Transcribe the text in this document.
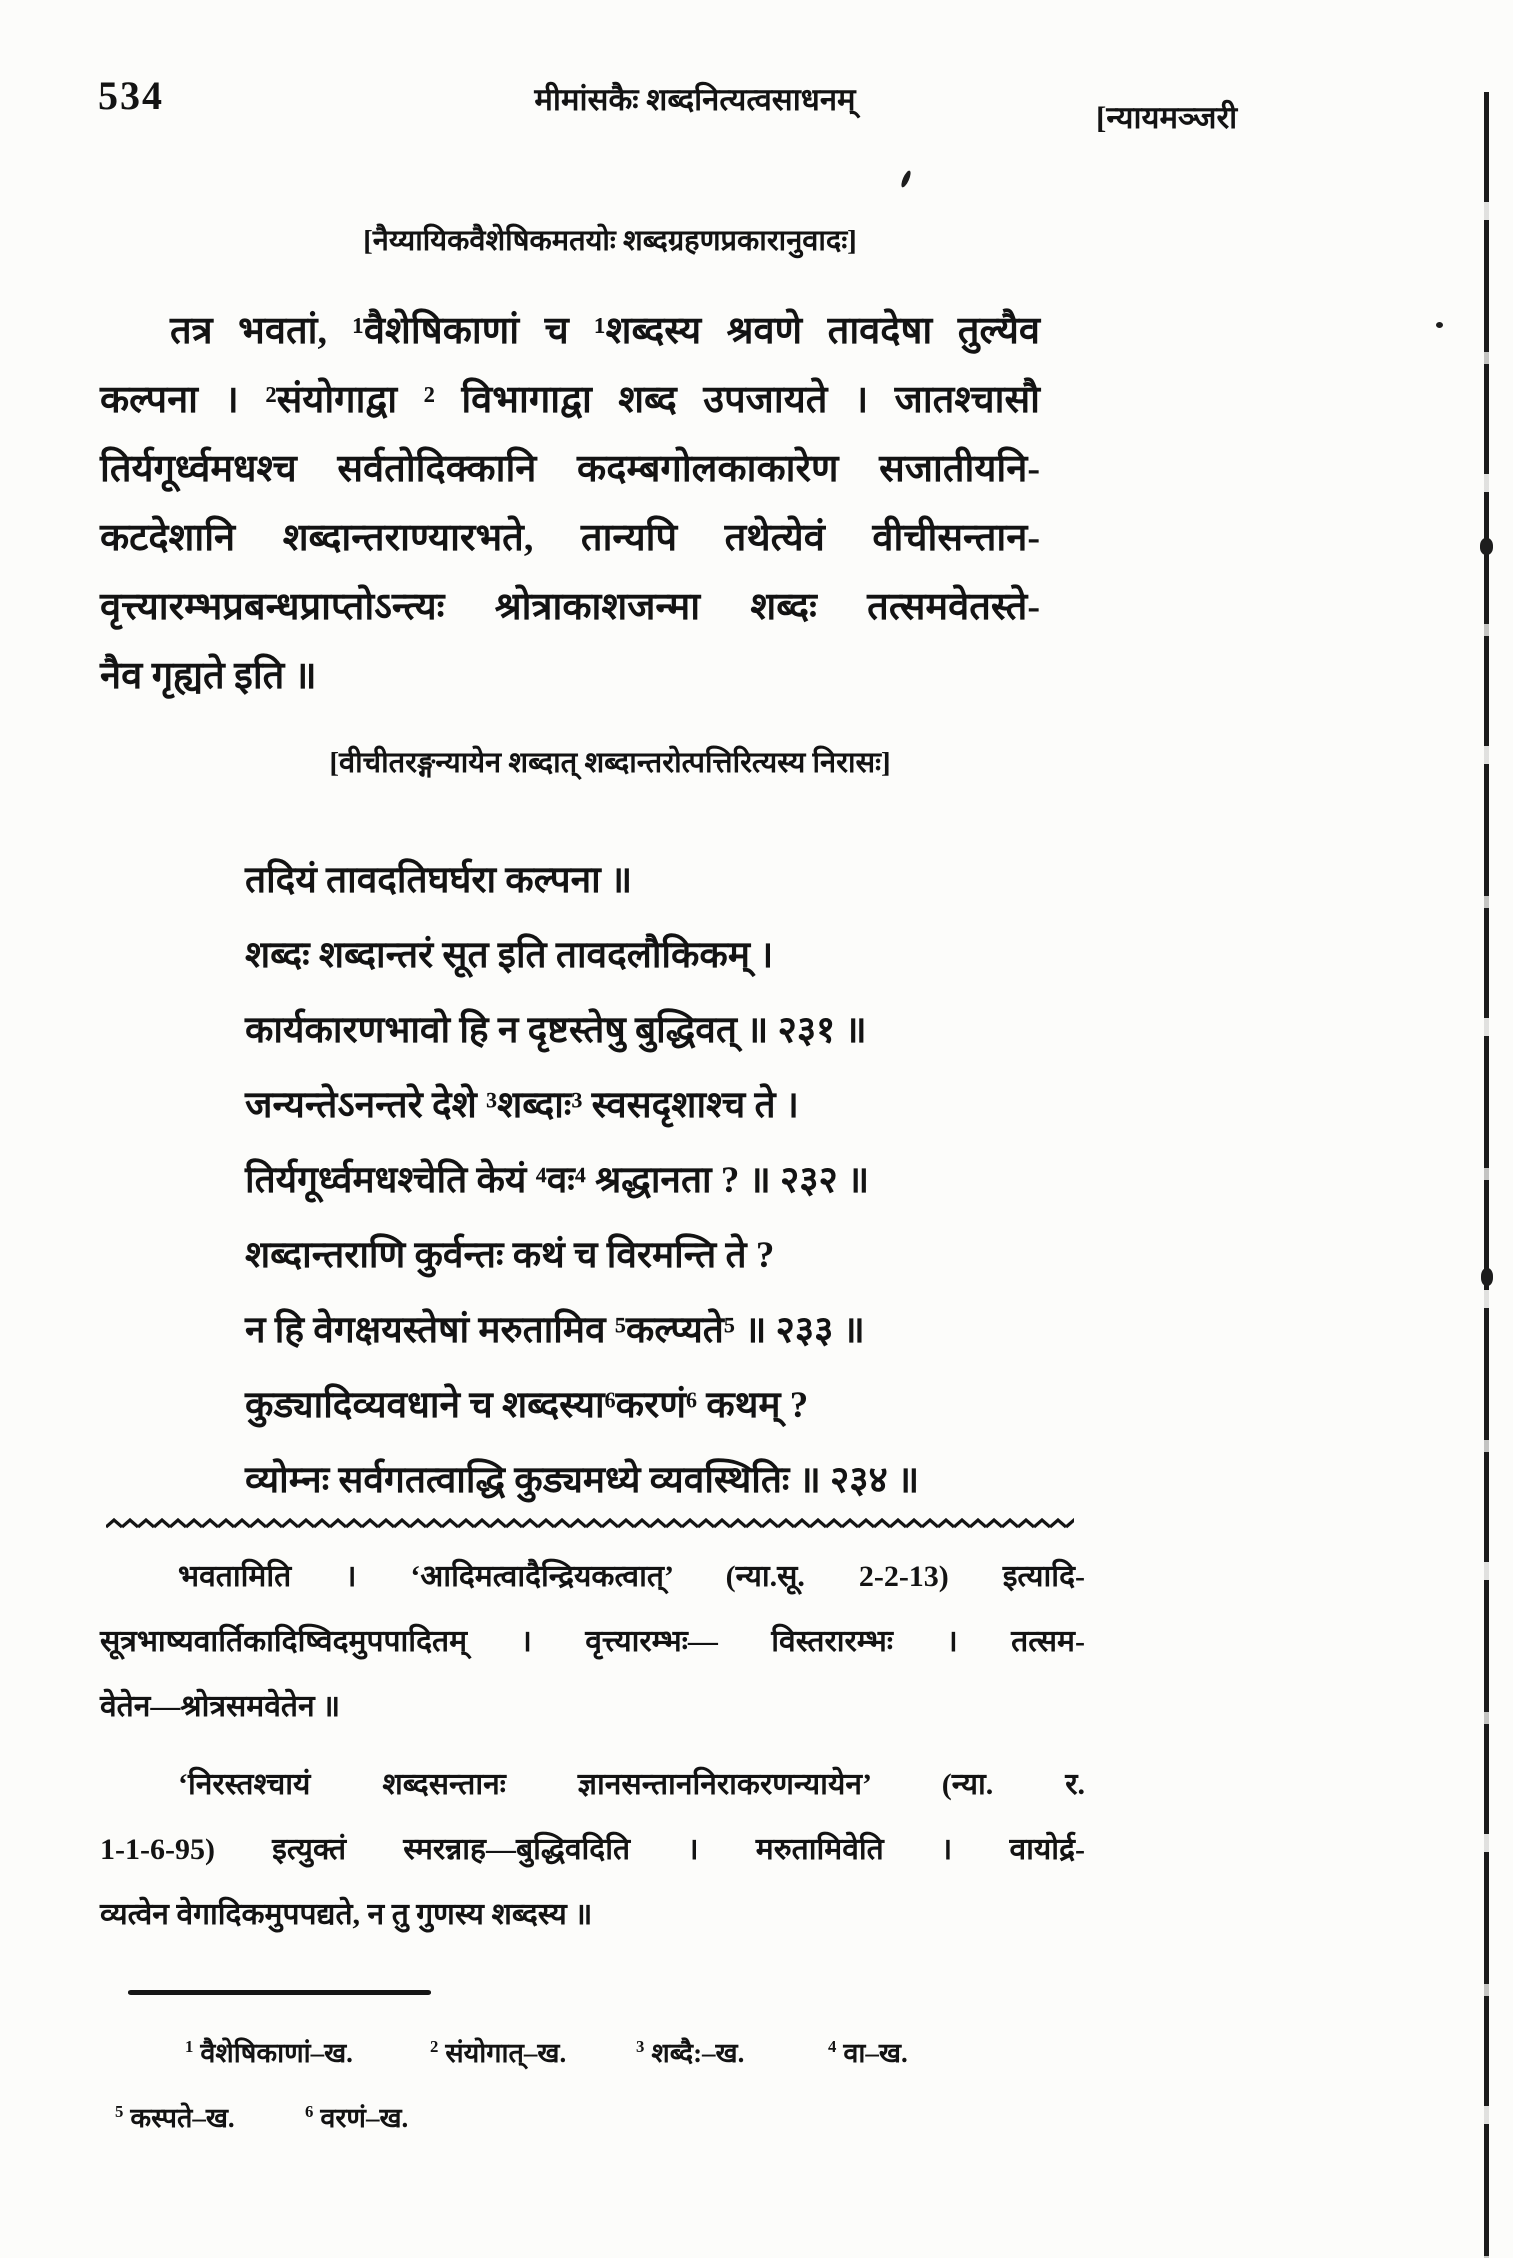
534	मीमांसकैः शब्दनित्यत्वसाधनम्
[न्यायमञ्जरी
[नैय्यायिकवैशेषिकमतयोः शब्दग्रहणप्रकारानुवादः]
तत्र भवतां, ¹वैशेषिकाणां च ¹शब्दस्य श्रवणे तावदेषा तुल्यैव
कल्पना । ²संयोगाद्वा ² विभागाद्वा शब्द उपजायते । जातश्चासौ
तिर्यगूर्ध्वमधश्च सर्वतोदिक्कानि कदम्बगोलकाकारेण सजातीयनि-
कटदेशानि शब्दान्तराण्यारभते, तान्यपि तथेत्येवं वीचीसन्तान-
वृत्त्यारम्भप्रबन्धप्राप्तोऽन्त्यः श्रोत्राकाशजन्मा शब्दः तत्समवेतस्ते-
नैव गृह्यते इति ॥
[वीचीतरङ्गन्यायेन शब्दात् शब्दान्तरोत्पत्तिरित्यस्य निरासः]
तदियं तावदतिघर्घरा कल्पना ॥
शब्दः शब्दान्तरं सूत इति तावदलौकिकम् ।
कार्यकारणभावो हि न दृष्टस्तेषु बुद्धिवत् ॥ २३१ ॥
जन्यन्तेऽनन्तरे देशे ³शब्दाः³ स्वसदृशाश्च ते ।
तिर्यगूर्ध्वमधश्चेति केयं ⁴वः⁴ श्रद्धानता ? ॥ २३२ ॥
शब्दान्तराणि कुर्वन्तः कथं च विरमन्ति ते ?
न हि वेगक्षयस्तेषां मरुतामिव ⁵कल्प्यते⁵ ॥ २३३ ॥
कुड्यादिव्यवधाने च शब्दस्या⁶करणं⁶ कथम् ?
व्योम्नः सर्वगतत्वाद्धि कुड्यमध्ये व्यवस्थितिः ॥ २३४ ॥
भवतामिति । ‘आदिमत्वादैन्द्रियकत्वात्’ (न्या.सू. 2-2-13) इत्यादि-
सूत्रभाष्यवार्तिकादिष्विदमुपपादितम् । वृत्त्यारम्भः— विस्तरारम्भः । तत्सम-
वेतेन—श्रोत्रसमवेतेन ॥
‘निरस्तश्चायं शब्दसन्तानः ज्ञानसन्ताननिराकरणन्यायेन’ (न्या. र.
1-1-6-95) इत्युक्तं स्मरन्नाह—बुद्धिवदिति । मरुतामिवेति । वायोर्द्र-
व्यत्वेन वेगादिकमुपपद्यते, न तु गुणस्य शब्दस्य ॥
$^1$ वैशेषिकाणां–ख.	$^2$ संयोगात्–ख.	$^3$ शब्दै:–ख.	$^4$ वा–ख.
$^5$ कस्पते–ख.	$^6$ वरणं–ख.
